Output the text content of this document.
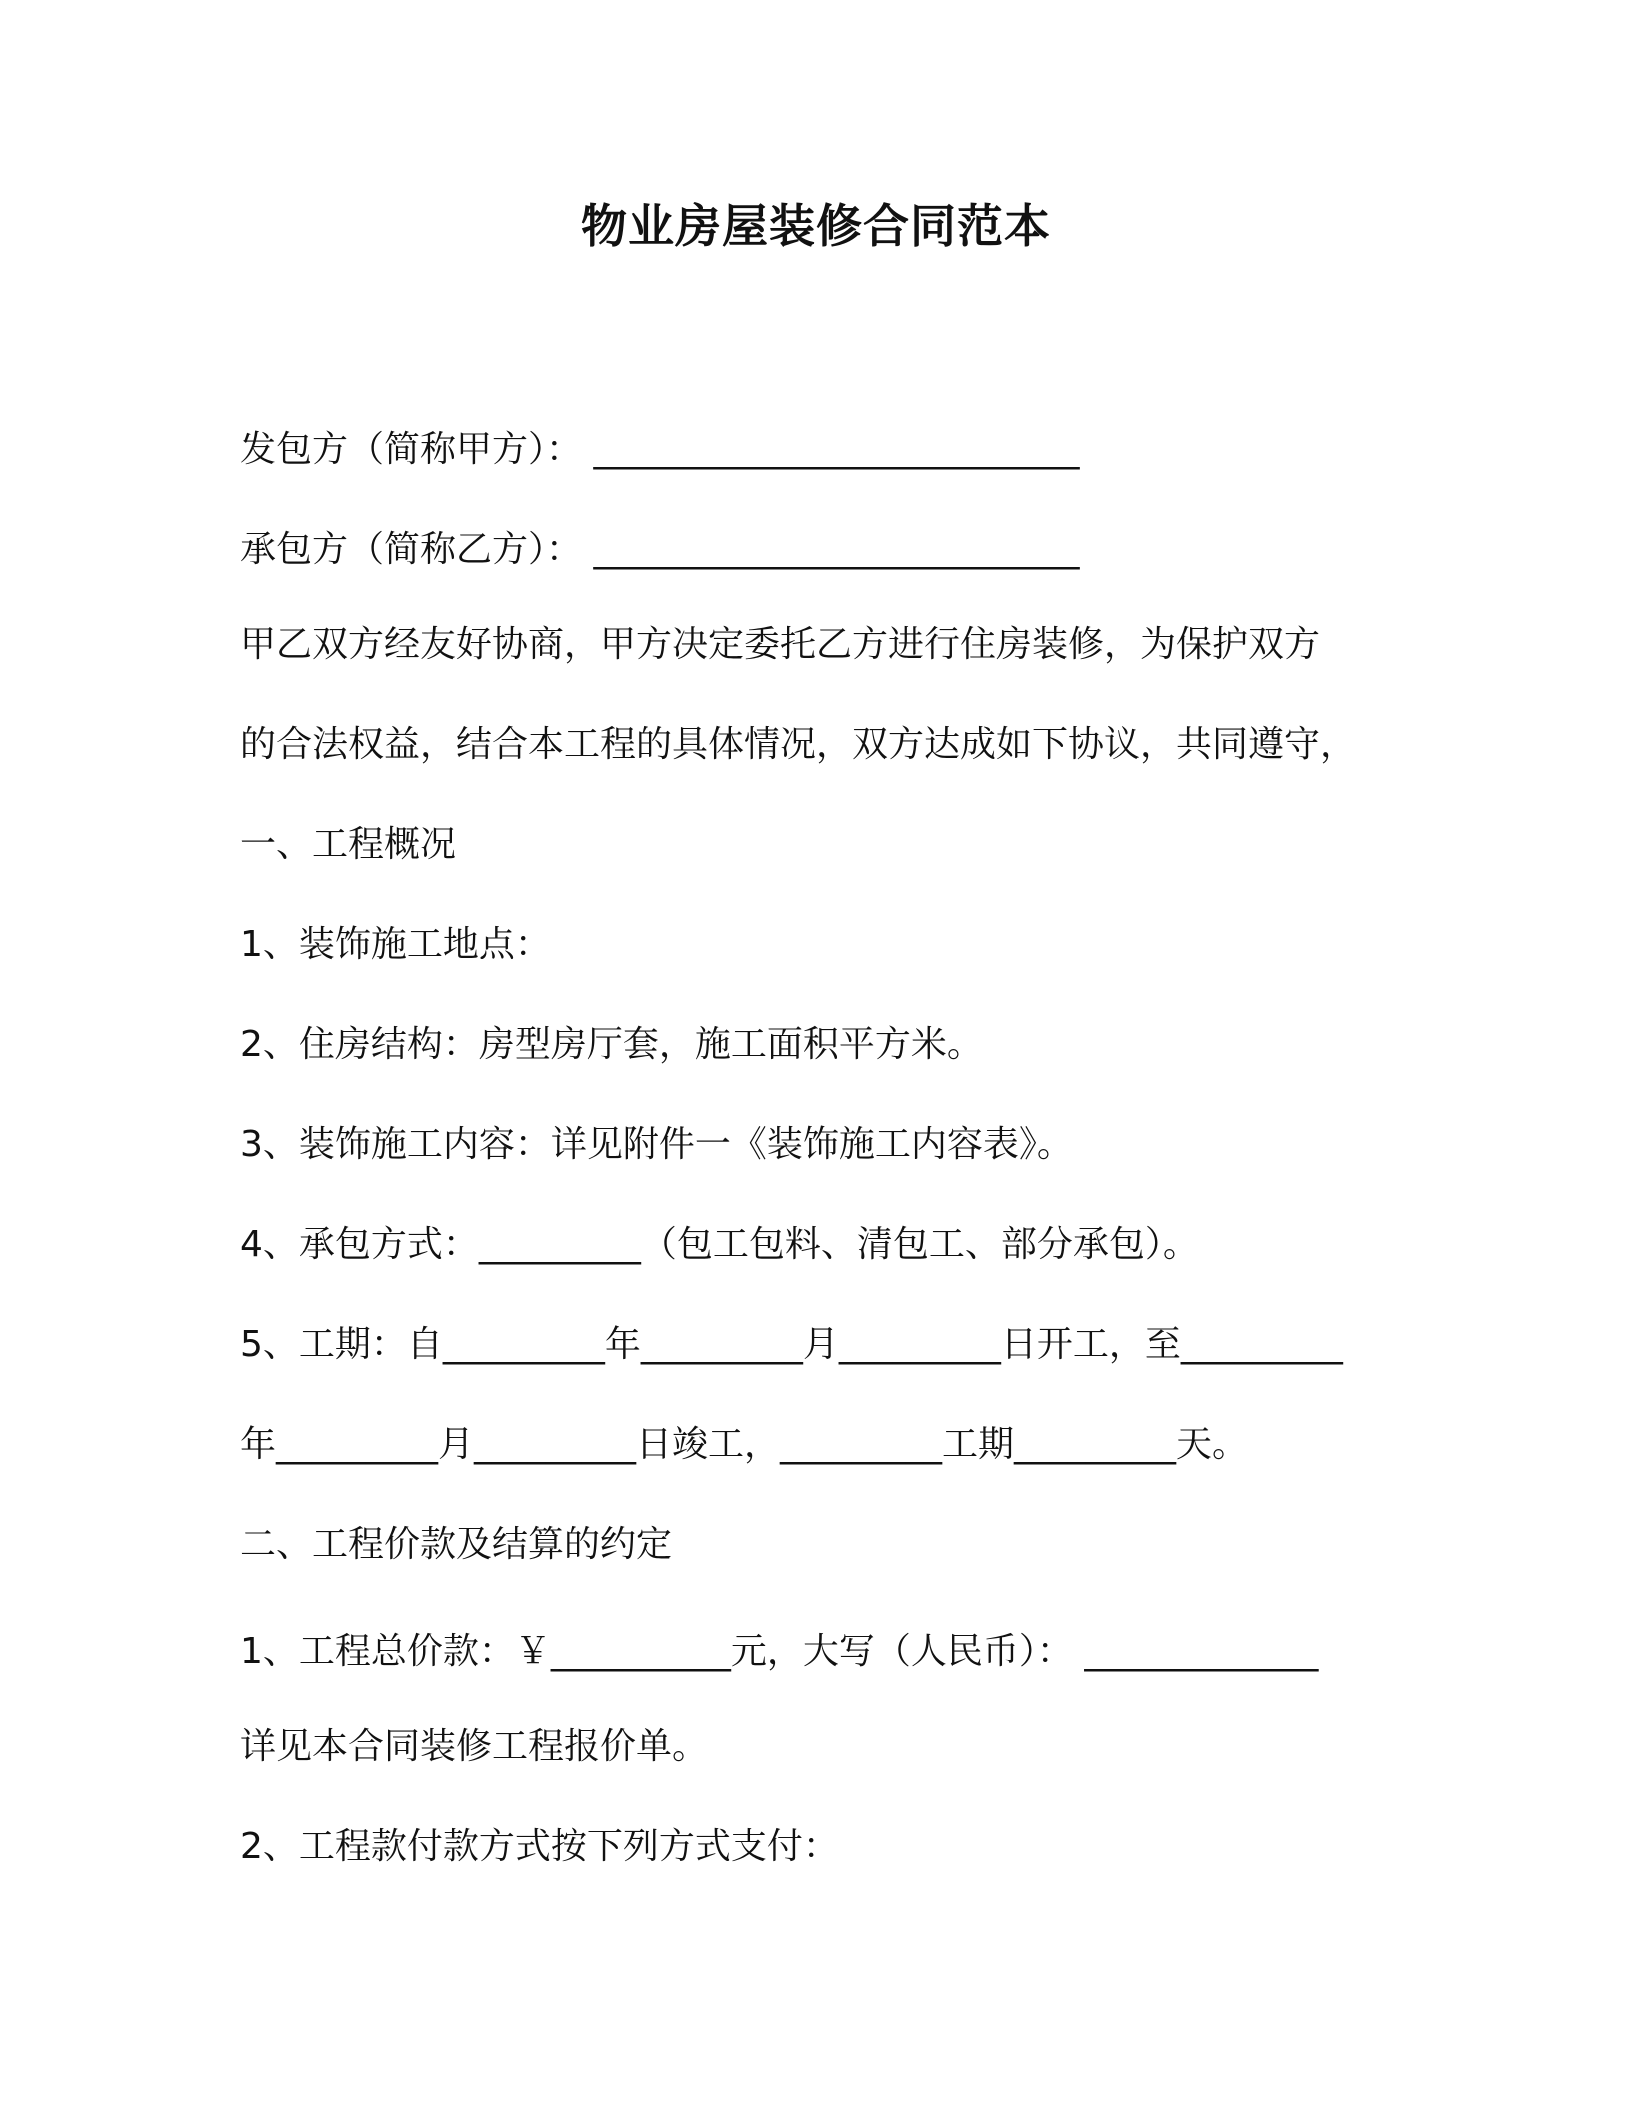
物业房屋装修合同范本
发包方（简称甲方）： ___________________________
承包方（简称乙方）： ___________________________
甲乙双方经友好协商，甲方决定委托乙方进行住房装修，为保护双方
的合法权益，结合本工程的具体情况，双方达成如下协议，共同遵守，
一、工程概况
1、装饰施工地点：
2、住房结构：房型房厅套，施工面积平方米。
3、装饰施工内容：详见附件一《装饰施工内容表》。
4、承包方式：_________（包工包料、清包工、部分承包）。
5、工期：自_________年_________月_________日开工，至_________
年_________月_________日竣工，_________工期_________天。
二、工程价款及结算的约定
1、工程总价款：￥__________元，大写（人民币）： _____________
详见本合同装修工程报价单。
2、工程款付款方式按下列方式支付：
